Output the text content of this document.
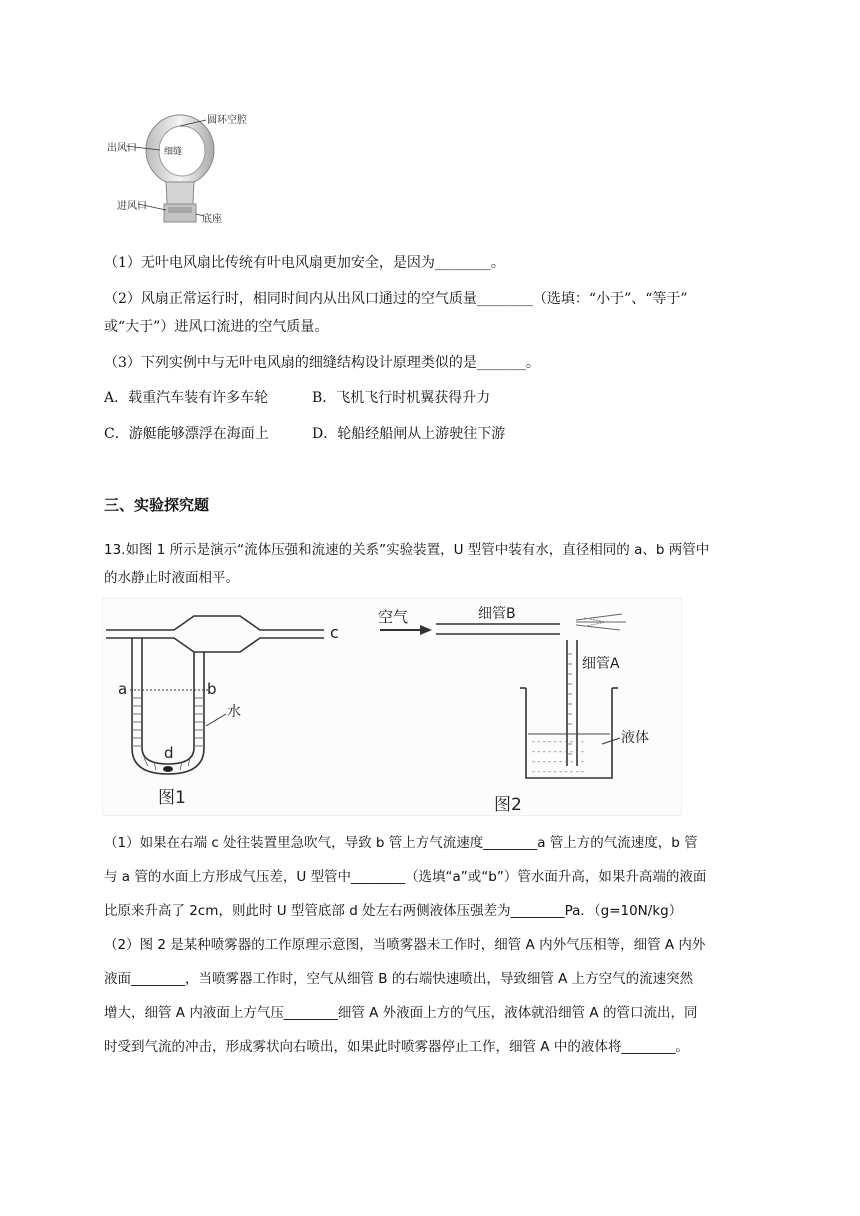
圆环空腔
出风口	细缝
进风口
底座
（1）无叶电风扇比传统有叶电风扇更加安全，是因为________。
（2）风扇正常运行时，相同时间内从出风口通过的空气质量________（选填：“小于”、“等于”
或“大于”）进风口流进的空气质量。
（3）下列实例中与无叶电风扇的细缝结构设计原理类似的是_______。
A．载重汽车装有许多车轮	B．飞机飞行时机翼获得升力
C．游艇能够漂浮在海面上	D．轮船经船闸从上游驶往下游
三、实验探究题
13.如图 1 所示是演示“流体压强和流速的关系”实验装置，U 型管中装有水，直径相同的 a、b 两管中
的水静止时液面相平。
c
a	b
水
d
图1
空气	细管B
细管A
- - - - - - - - - -
- - - - - - - - - -
- - - - - - - - - -
- - - - - - - - - -
液体
图2
（1）如果在右端 c 处往装置里急吹气，导致 b 管上方气流速度________a 管上方的气流速度，b 管
与 a 管的水面上方形成气压差，U 型管中________（选填“a”或“b”）管水面升高，如果升高端的液面
比原来升高了 2cm，则此时 U 型管底部 d 处左右两侧液体压强差为________Pa．（g=10N/kg）
（2）图 2 是某种喷雾器的工作原理示意图，当喷雾器未工作时，细管 A 内外气压相等，细管 A 内外
液面________，当喷雾器工作时，空气从细管 B 的右端快速喷出，导致细管 A 上方空气的流速突然
增大，细管 A 内液面上方气压________细管 A 外液面上方的气压，液体就沿细管 A 的管口流出，同
时受到气流的冲击，形成雾状向右喷出，如果此时喷雾器停止工作，细管 A 中的液体将________。
